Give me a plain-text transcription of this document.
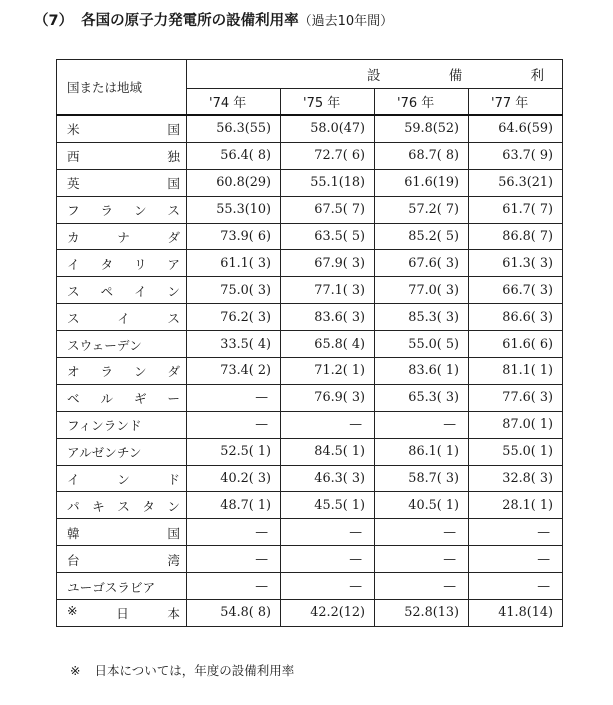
（7） 各国の原子力発電所の設備利用率（過去10年間）
国または地域	設 備 利			

	'74 年	'75 年	'76 年	'77 年

米 国	56.3(55)	58.0(47)	59.8(52)	64.6(59)

西 独	56.4( 8)	72.7( 6)	68.7( 8)	63.7( 9)

英 国	60.8(29)	55.1(18)	61.6(19)	56.3(21)

フ ラ ン ス	55.3(10)	67.5( 7)	57.2( 7)	61.7( 7)

カ ナ ダ	73.9( 6)	63.5( 5)	85.2( 5)	86.8( 7)

イ タ リ ア	61.1( 3)	67.9( 3)	67.6( 3)	61.3( 3)

ス ペ イ ン	75.0( 3)	77.1( 3)	77.0( 3)	66.7( 3)

ス イ ス	76.2( 3)	83.6( 3)	85.3( 3)	86.6( 3)

スウェーデン	33.5( 4)	65.8( 4)	55.0( 5)	61.6( 6)

オ ラ ン ダ	73.4( 2)	71.2( 1)	83.6( 1)	81.1( 1)

ベ ル ギ ー	—	76.9( 3)	65.3( 3)	77.6( 3)

フィンランド	—	—	—	87.0( 1)

アルゼンチン	52.5( 1)	84.5( 1)	86.1( 1)	55.0( 1)

イ ン ド	40.2( 3)	46.3( 3)	58.7( 3)	32.8( 3)

パ キ ス タ ン	48.7( 1)	45.5( 1)	40.5( 1)	28.1( 1)

韓 国	—	—	—	—

台 湾	—	—	—	—

ユーゴスラビア	—	—	—	—

※ 日 本	54.8( 8)	42.2(12)	52.8(13)	41.8(14)
※ 日本については，年度の設備利用率
